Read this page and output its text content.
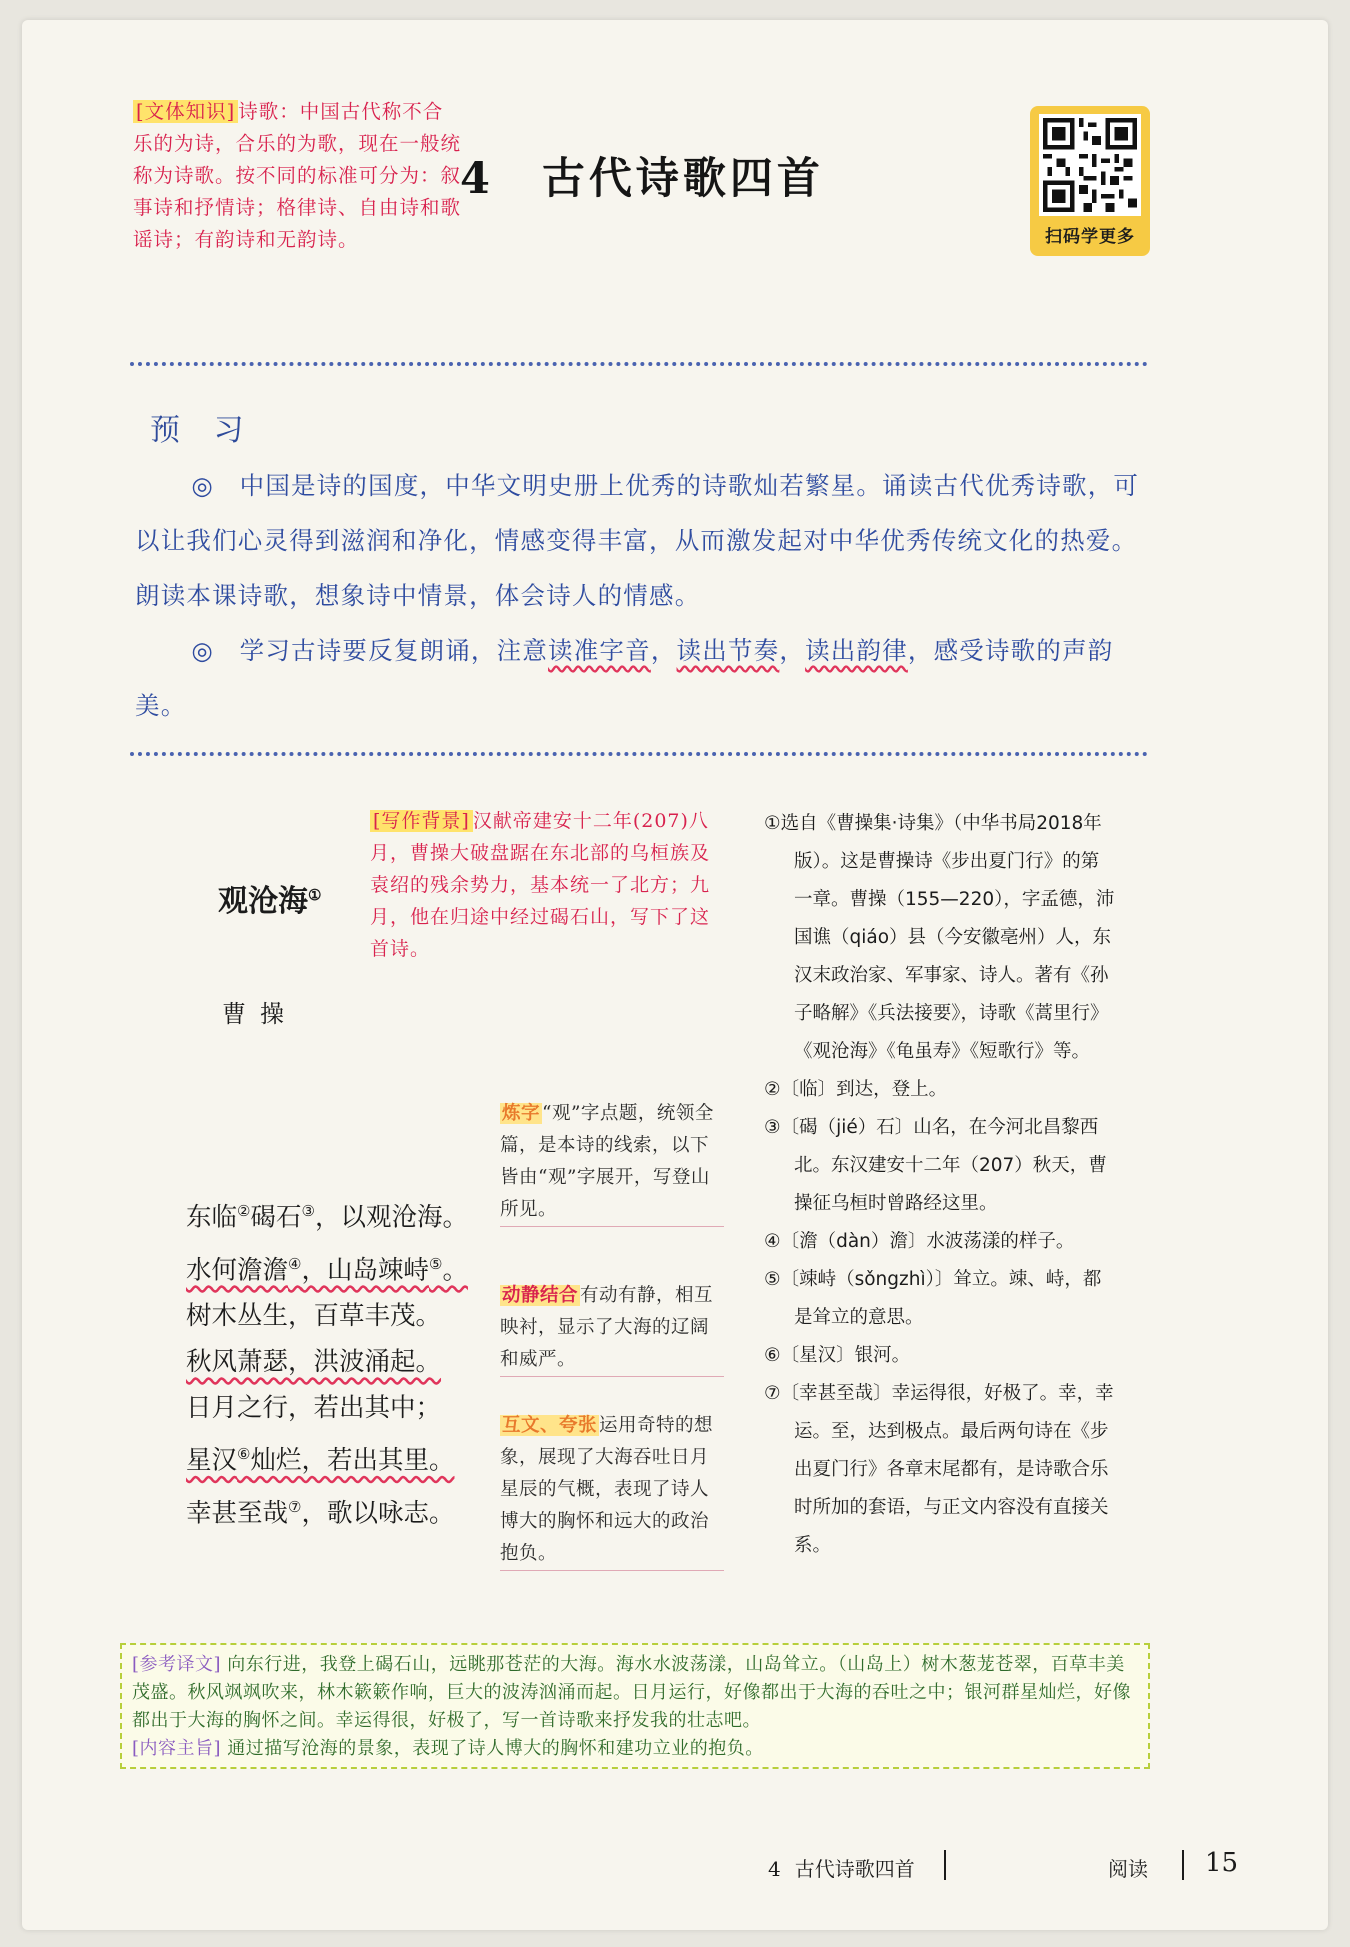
[文体知识] 诗歌：中国古代称不合乐的为诗，合乐的为歌，现在一般统称为诗歌。按不同的标准可分为：叙事诗和抒情诗；格律诗、自由诗和歌谣诗；有韵诗和无韵诗。
4 古代诗歌四首
扫码学更多
预 习

◎　中国是诗的国度，中华文明史册上优秀的诗歌灿若繁星。诵读古代优秀诗歌，可以让我们心灵得到滋润和净化，情感变得丰富，从而激发起对中华优秀传统文化的热爱。朗读本课诗歌，想象诗中情景，体会诗人的情感。

◎　学习古诗要反复朗诵，注意读准字音，读出节奏，读出韵律，感受诗歌的声韵美。

[写作背景] 汉献帝建安十二年(207)八月，曹操大破盘踞在东北部的乌桓族及袁绍的残余势力，基本统一了北方；九月，他在归途中经过碣石山，写下了这首诗。
观沧海①
曹操
东临②碣石③，以观沧海。
水何澹澹④，山岛竦峙⑤。
树木丛生，百草丰茂。
秋风萧瑟，洪波涌起。
日月之行，若出其中；
星汉⑥灿烂，若出其里。
幸甚至哉⑦，歌以咏志。
炼字 “观”字点题，统领全篇，是本诗的线索，以下皆由“观”字展开，写登山所见。
动静结合 有动有静，相互映衬，显示了大海的辽阔和威严。
互文、夸张 运用奇特的想象，展现了大海吞吐日月星辰的气概，表现了诗人博大的胸怀和远大的政治抱负。

①选自《曹操集·诗集》（中华书局2018年版）。这是曹操诗《步出夏门行》的第一章。曹操（155—220），字孟德，沛国谯（qiáo）县（今安徽亳州）人，东汉末政治家、军事家、诗人。著有《孙子略解》《兵法接要》，诗歌《蒿里行》《观沧海》《龟虽寿》《短歌行》等。

②〔临〕到达，登上。

③〔碣（jié）石〕山名，在今河北昌黎西北。东汉建安十二年（207）秋天，曹操征乌桓时曾路经这里。

④〔澹（dàn）澹〕水波荡漾的样子。

⑤〔竦峙（sǒngzhì）〕耸立。竦、峙，都是耸立的意思。

⑥〔星汉〕银河。

⑦〔幸甚至哉〕幸运得很，好极了。幸，幸运。至，达到极点。最后两句诗在《步出夏门行》各章末尾都有，是诗歌合乐时所加的套语，与正文内容没有直接关系。

[参考译文] 向东行进，我登上碣石山，远眺那苍茫的大海。海水水波荡漾，山岛耸立。（山岛上）树木葱茏苍翠，百草丰美茂盛。秋风飒飒吹来，林木簌簌作响，巨大的波涛汹涌而起。日月运行，好像都出于大海的吞吐之中；银河群星灿烂，好像都出于大海的胸怀之间。幸运得很，好极了，写一首诗歌来抒发我的壮志吧。
[内容主旨] 通过描写沧海的景象，表现了诗人博大的胸怀和建功立业的抱负。
4 古代诗歌四首	阅读 15
